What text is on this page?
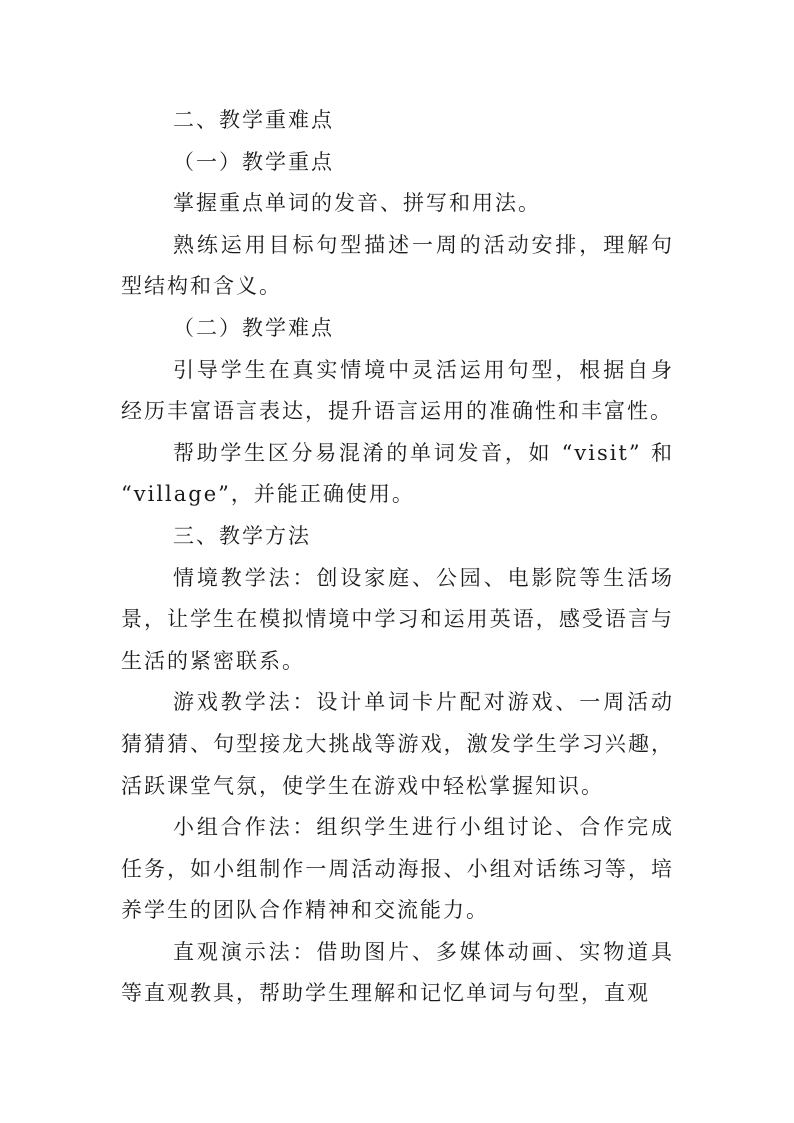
二、教学重难点

（一）教学重点

掌握重点单词的发音、拼写和用法。

熟练运用目标句型描述一周的活动安排，理解句型结构和含义。

（二）教学难点

引导学生在真实情境中灵活运用句型，根据自身经历丰富语言表达，提升语言运用的准确性和丰富性。

帮助学生区分易混淆的单词发音，如 “visit” 和 “village”，并能正确使用。

三、教学方法

情境教学法：创设家庭、公园、电影院等生活场景，让学生在模拟情境中学习和运用英语，感受语言与生活的紧密联系。

游戏教学法：设计单词卡片配对游戏、一周活动猜猜猜、句型接龙大挑战等游戏，激发学生学习兴趣，活跃课堂气氛，使学生在游戏中轻松掌握知识。

小组合作法：组织学生进行小组讨论、合作完成任务，如小组制作一周活动海报、小组对话练习等，培养学生的团队合作精神和交流能力。

直观演示法：借助图片、多媒体动画、实物道具等直观教具，帮助学生理解和记忆单词与句型，直观
